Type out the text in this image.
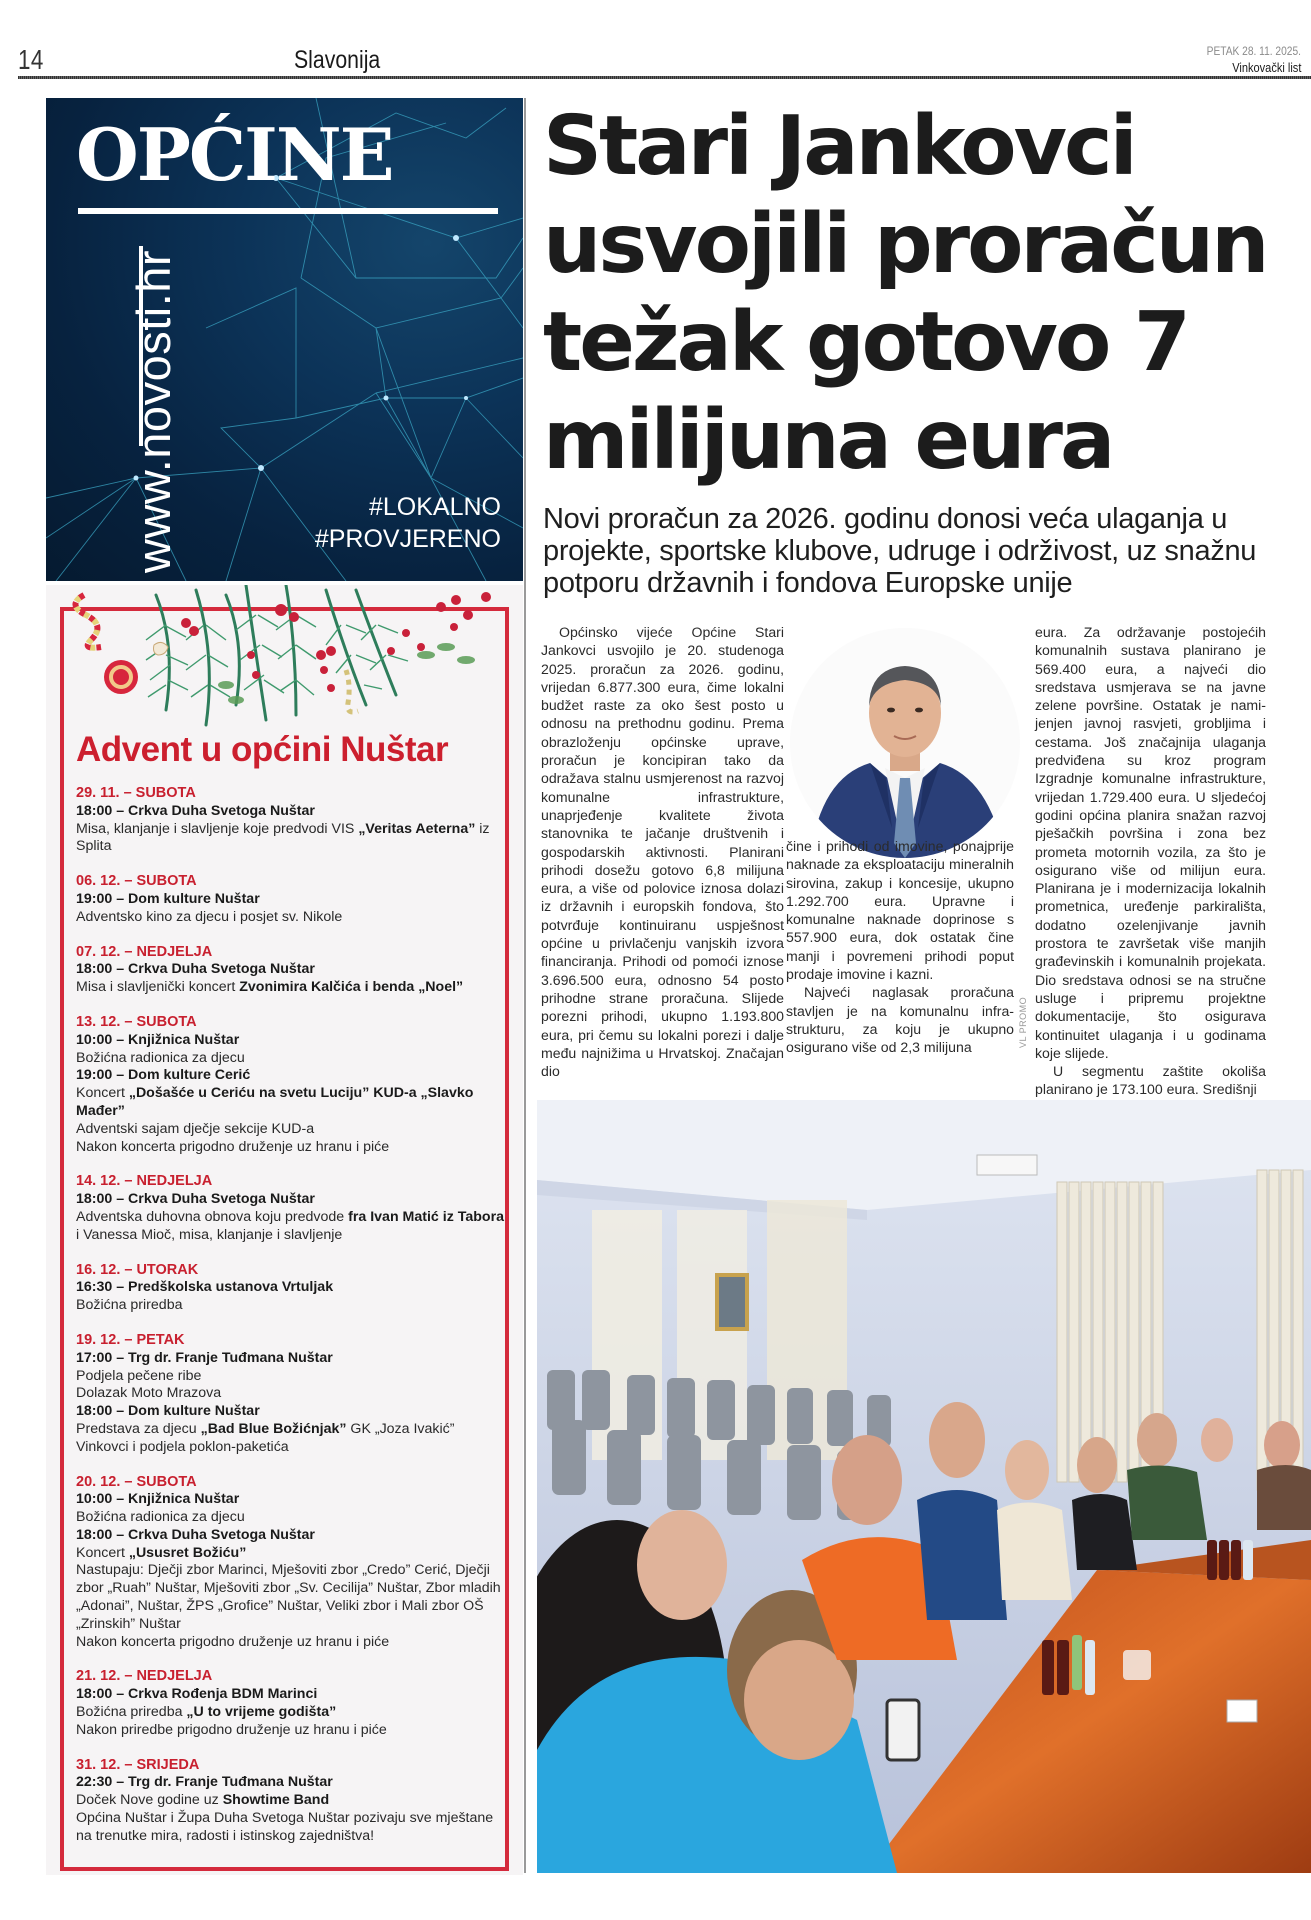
14	Slavonija	PETAK 28. 11. 2025.
Vinkovački list
OPĆINE
www.novosti.hr	#LOKALNO
#PROVJERENO
Advent u općini Nuštar
29. 11. – SUBOTA
18:00 – Crkva Duha Svetoga Nuštar
Misa, klanjanje i slavljenje koje predvodi VIS „Veritas Aeterna” iz Splita
06. 12. – SUBOTA
19:00 – Dom kulture Nuštar
Adventsko kino za djecu i posjet sv. Nikole
07. 12. – NEDJELJA
18:00 – Crkva Duha Svetoga Nuštar
Misa i slavljenički koncert Zvonimira Kalčića i benda „Noel”
13. 12. – SUBOTA
10:00 – Knjižnica Nuštar
Božićna radionica za djecu
19:00 – Dom kulture Cerić
Koncert „Došašće u Ceriću na svetu Luciju” KUD-a „Slavko Mađer”
Adventski sajam dječje sekcije KUD-a
Nakon koncerta prigodno druženje uz hranu i piće
14. 12. – NEDJELJA
18:00 – Crkva Duha Svetoga Nuštar
Adventska duhovna obnova koju predvode fra Ivan Matić iz Tabora i Vanessa Mioč, misa, klanjanje i slavljenje
16. 12. – UTORAK
16:30 – Predškolska ustanova Vrtuljak
Božićna priredba
19. 12. – PETAK
17:00 – Trg dr. Franje Tuđmana Nuštar
Podjela pečene ribe
Dolazak Moto Mrazova
18:00 – Dom kulture Nuštar
Predstava za djecu „Bad Blue Božićnjak” GK „Joza Ivakić” Vinkovci i podjela poklon-paketića
20. 12. – SUBOTA
10:00 – Knjižnica Nuštar
Božićna radionica za djecu
18:00 – Crkva Duha Svetoga Nuštar
Koncert „Ususret Božiću”
Nastupaju: Dječji zbor Marinci, Mješoviti zbor „Credo” Cerić, Dječji zbor „Ruah” Nuštar, Mješoviti zbor „Sv. Cecilija” Nuštar, Zbor mladih „Adonai”, Nuštar, ŽPS „Grofice” Nuštar, Veliki zbor i Mali zbor OŠ „Zrinskih” Nuštar
Nakon koncerta prigodno druženje uz hranu i piće
21. 12. – NEDJELJA
18:00 – Crkva Rođenja BDM Marinci
Božićna priredba „U to vrijeme godišta”
Nakon priredbe prigodno druženje uz hranu i piće
31. 12. – SRIJEDA
22:30 – Trg dr. Franje Tuđmana Nuštar
Doček Nove godine uz Showtime Band
Općina Nuštar i Župa Duha Svetoga Nuštar pozivaju sve mještane na trenutke mira, radosti i istinskog zajedništva!
Stari Jankovci usvojili proračun težak gotovo 7 milijuna eura
Novi proračun za 2026. godinu donosi veća ulaganja u projekte, sportske klubove, udruge i održivost, uz snažnu potporu državnih i fondova Europske unije

Općinsko vijeće Općine Stari Jankovci usvojilo je 20. studenoga 2025. proračun za 2026. godinu, vrijedan 6.877.300 eura, čime lokalni budžet raste za oko šest posto u odnosu na prethodnu godinu. Prema obrazloženju općinske uprave, proračun je koncipiran tako da odražava stalnu usmjerenost na razvoj komunalne infrastrukture, unaprjeđenje kvalitete života stanovnika te jačanje društvenih i gospodarskih aktivnosti. Planirani prihodi dosežu gotovo 6,8 milijuna eura, a više od polovice iznosa dolazi iz državnih i europskih fondova, što potvrđuje kontinuiranu uspješnost općine u privlačenju vanjskih izvora financiranja. Prihodi od pomoći iznose 3.696.500 eura, odnosno 54 posto prihodne strane proračuna. Slijede porezni prihodi, ukupno 1.193.800 eura, pri čemu su lokalni porezi i dalje među najnižima u Hrvatskoj. Značajan dio

čine i prihodi od imovine, ponajprije naknade za eksploataciju mineralnih sirovina, zakup i koncesije, ukupno 1.292.700 eura. Upravne i komunalne naknade doprinose s 557.900 eura, dok ostatak čine manji i povremeni prihodi poput prodaje imovine i kazni.

Najveći naglasak proračuna stavljen je na komunalnu infrastrukturu, za koju je ukupno osigurano više od 2,3 milijuna	VL PROMO

eura. Za održavanje postojećih komunalnih sustava planirano je 569.400 eura, a najveći dio sredstava usmjerava se na javne zelene površine. Ostatak je namijenjen javnoj rasvjeti, grobljima i cestama. Još značajnija ulaganja predviđena su kroz program Izgradnje komunalne infrastrukture, vrijedan 1.729.400 eura. U sljedećoj godini općina planira snažan razvoj pješačkih površina i zona bez prometa motornih vozila, za što je osigurano više od milijun eura. Planirana je i modernizacija lokalnih prometnica, uređenje parkirališta, dodatno ozelenjivanje javnih prostora te završetak više manjih građevinskih i komunalnih projekata. Dio sredstava odnosi se na stručne usluge i pripremu projektne dokumentacije, što osigurava kontinuitet ulaganja i u godinama koje slijede.

U segmentu zaštite okoliša planirano je 173.100 eura. Središnji
